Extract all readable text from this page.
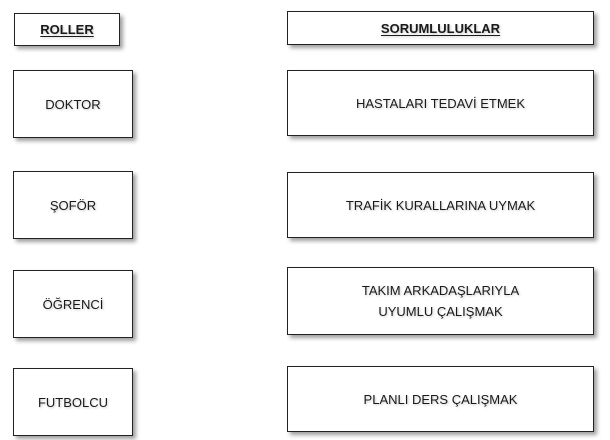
ROLLER	SORUMLULUKLAR
DOKTOR
ŞOFÖR
ÖĞRENCİ
FUTBOLCU
HASTALARI TEDAVİ ETMEK
TRAFİK KURALLARINA UYMAK
TAKIM ARKADAŞLARIYLA
UYUMLU ÇALIŞMAK
PLANLI DERS ÇALIŞMAK
